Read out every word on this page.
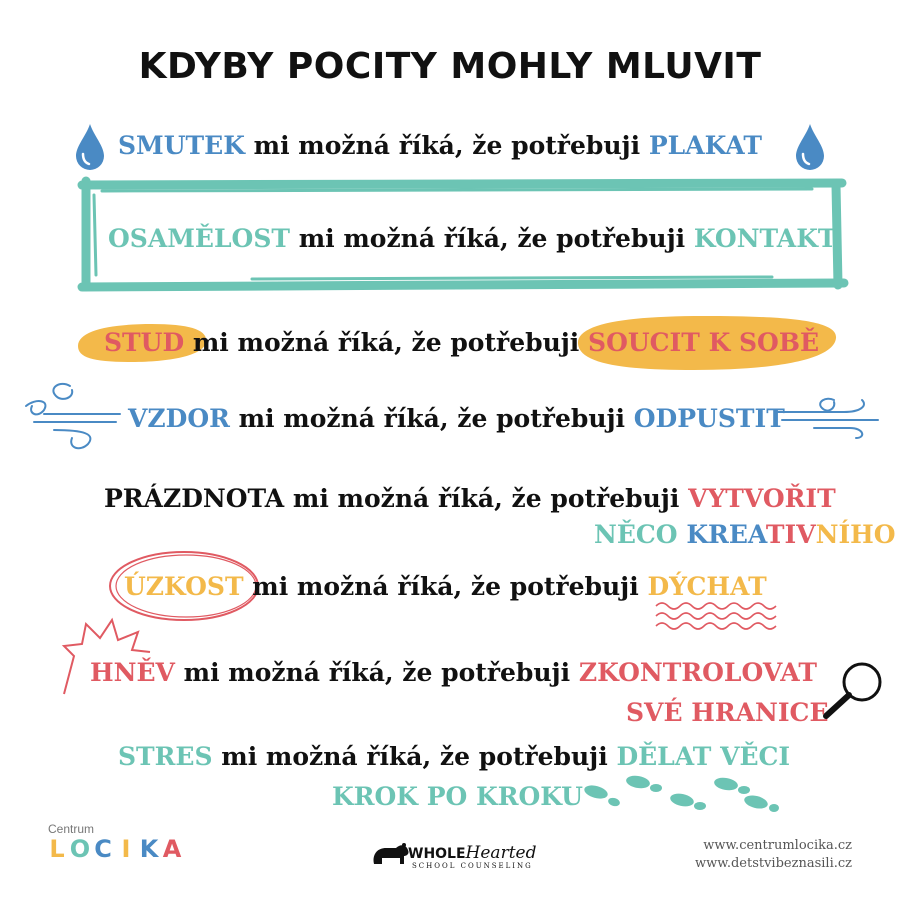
KDYBY POCITY MOHLY MLUVIT
SMUTEK mi možná říká, že potřebuji PLAKAT
OSAMĚLOST mi možná říká, že potřebuji KONTAKT
STUD mi možná říká, že potřebuji SOUCIT K SOBĚ
VZDOR mi možná říká, že potřebuji ODPUSTIT
PRÁZDNOTA mi možná říká, že potřebuji VYTVOŘIT
NĚCO KREATIVNÍHO
ÚZKOST mi možná říká, že potřebuji DÝCHAT
HNĚV mi možná říká, že potřebuji ZKONTROLOVAT
SVÉ HRANICE
STRES mi možná říká, že potřebuji DĚLAT VĚCI
KROK PO KROKU
Centrum
L O C I K A	WHOLEHearted
SCHOOL COUNSELING
www.centrumlocika.cz
www.detstvibeznasili.cz
